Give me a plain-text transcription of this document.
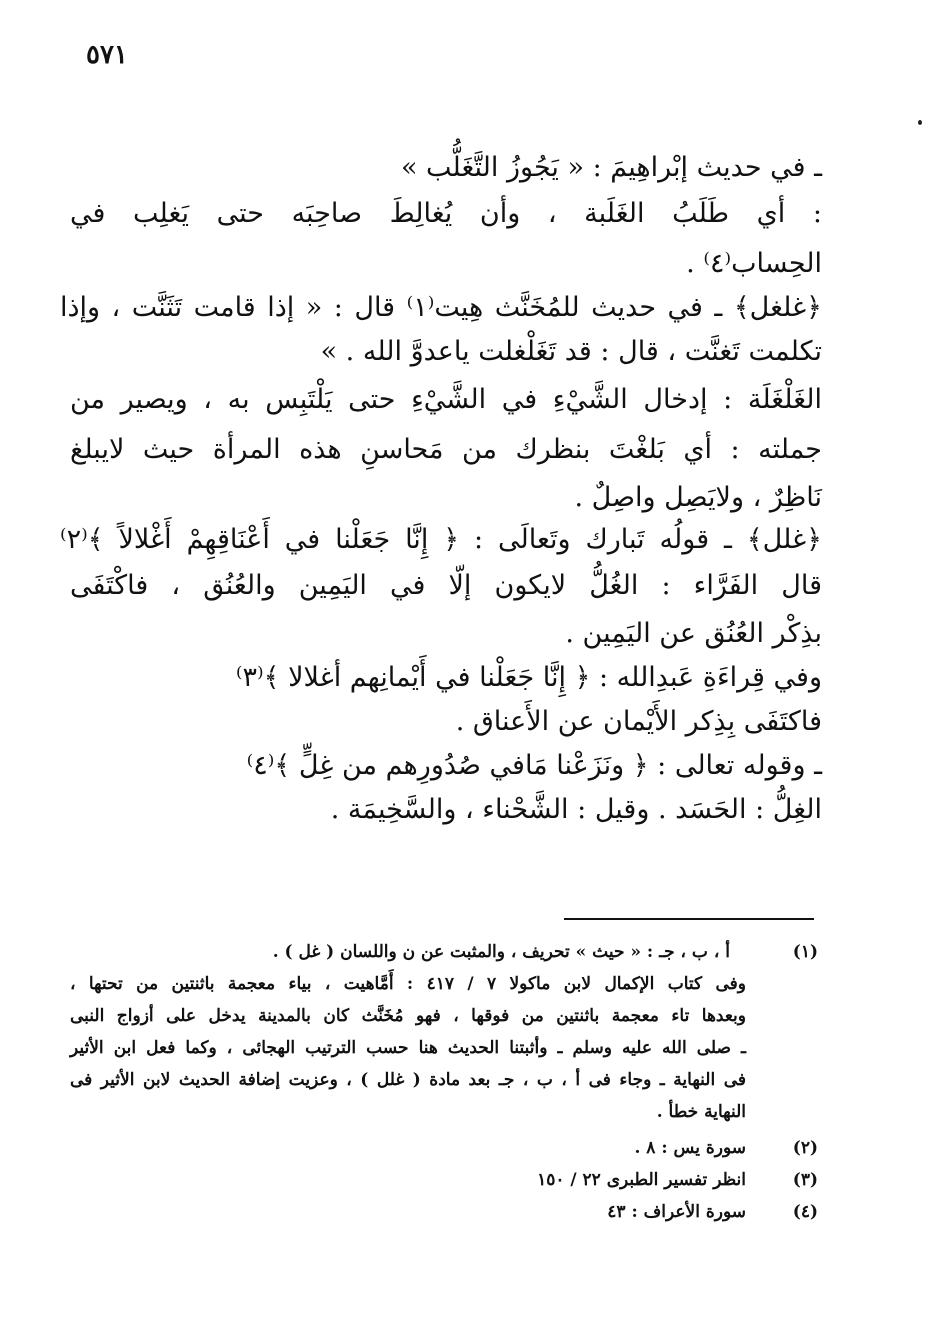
٥٧١
ـ في حديث إبْراهِيمَ : « يَجُوزُ التَّغَلُّب »
: أي طَلَبُ الغَلَبة ، وأن يُغالِطَ صاحِبَه حتى يَغلِب في
الحِساب⁽٤⁾ .
﴿غلغل﴾ ـ في حديث للمُخَنَّث هِيت⁽١⁾ قال : « إذا قامت تَثَنَّت ، وإذا
تكلمت تَغنَّت ، قال : قد تَغَلْغلت ياعدوَّ الله . »
الغَلْغَلَة : إدخال الشَّيْءِ في الشَّيْءِ حتى يَلْتَبِس به ، ويصير من
جملته : أي بَلغْتَ بنظرك من مَحاسنِ هذه المرأة حيث لايبلغ
نَاظِرٌ ، ولايَصِل واصِلٌ .
﴿غلل﴾ ـ قولُه تَبارك وتَعالَى : ﴿ إِنَّا جَعَلْنا في أَعْنَاقِهِمْ أَغْلالاً ﴾⁽٢⁾
قال الفَرَّاء : الغُلُّ لايكون إلّا في اليَمِين والعُنُق ، فاكْتَفَى
بذِكْر العُنُق عن اليَمِين .
وفي قِراءَةِ عَبدِالله : ﴿ إِنَّا جَعَلْنا في أَيْمانِهم أغلالا ﴾⁽٣⁾
فاكتَفَى بِذِكر الأَيْمان عن الأَعناق .
ـ وقوله تعالى : ﴿ ونَزَعْنا مَافي صُدُورِهم من غِلٍّ ﴾⁽٤⁾
الغِلُّ : الحَسَد . وقيل : الشَّحْناء ، والسَّخِيمَة .
(١)
أ ، ب ، جـ : « حيث » تحريف ، والمثبت عن ن واللسان ( غل ) .
وفى كتاب الإكمال لابن ماكولا ٧ / ٤١٧ : أَمَّاهيت ، بياء معجمة باثنتين من تحتها ،
وبعدها تاء معجمة باثنتين من فوقها ، فهو مُخَنَّث كان بالمدينة يدخل على أزواج النبى
ـ صلى الله عليه وسلم ـ وأثبتنا الحديث هنا حسب الترتيب الهجائى ، وكما فعل ابن الأثير
فى النهاية ـ وجاء فى أ ، ب ، جـ بعد مادة ( غلل ) ، وعزيت إضافة الحديث لابن الأثير فى
النهاية خطأ .
(٢)
سورة يس : ٨ .
(٣)
انظر تفسير الطبرى ٢٢ / ١٥٠
(٤)
سورة الأعراف : ٤٣
